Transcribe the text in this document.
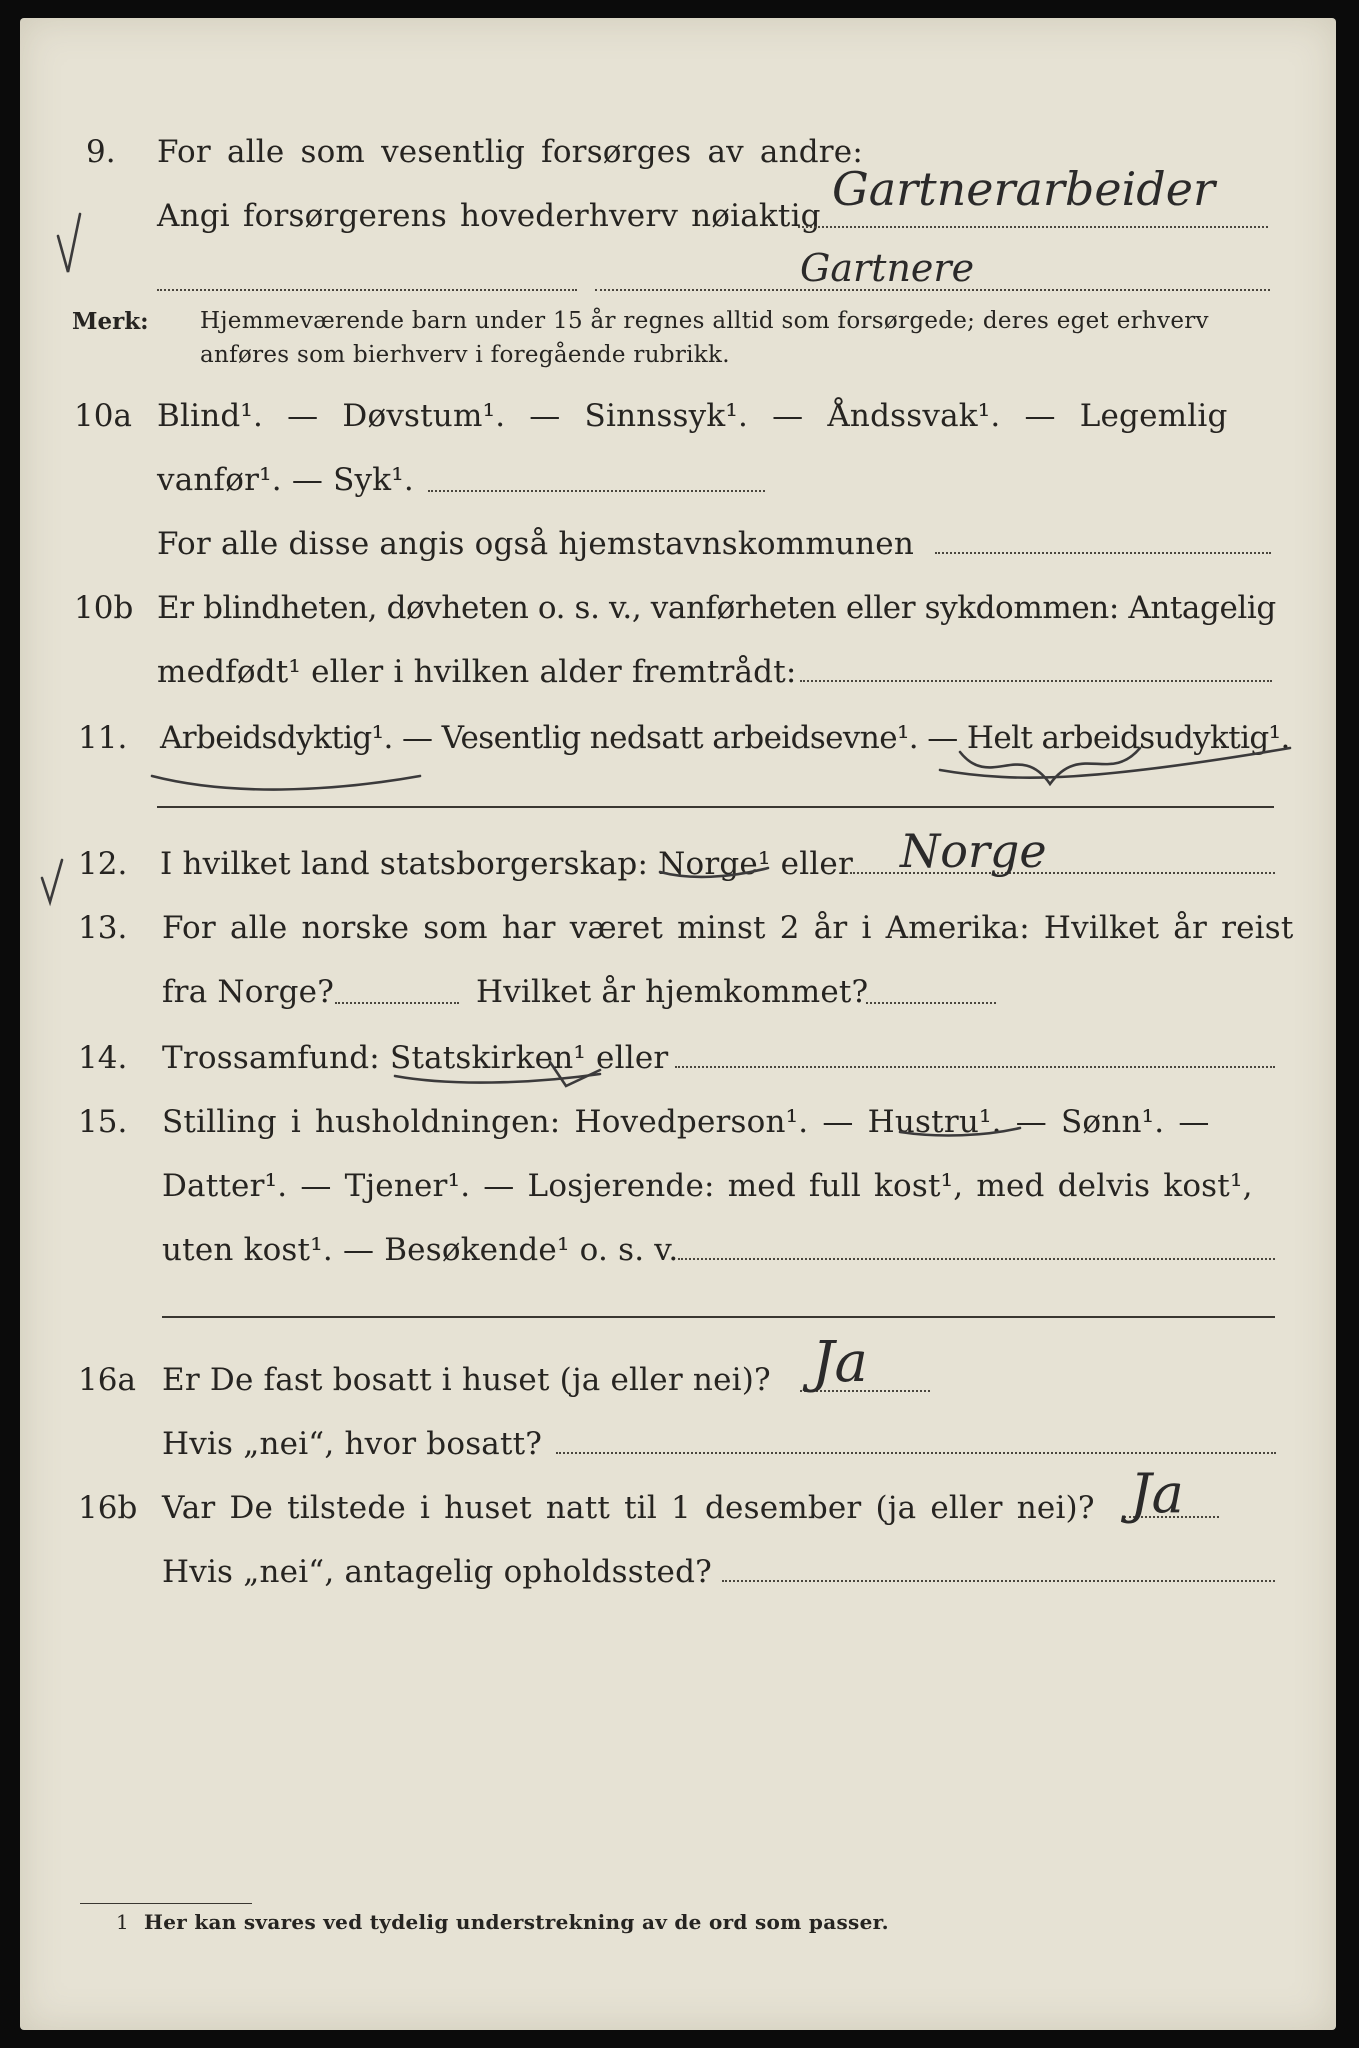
9. For alle som vesentlig forsørges av andre:
Angi forsørgerens hovederhverv nøiaktig Gartnerarbeider
Gartnere
Merk: Hjemmeværende barn under 15 år regnes alltid som forsørgede; deres eget erhverv
anføres som bierhverv i foregående rubrikk.
10a Blind¹. — Døvstum¹. — Sinnssyk¹. — Åndssvak¹. — Legemlig
vanfør¹. — Syk¹.
For alle disse angis også hjemstavnskommunen
10b Er blindheten, døvheten o. s. v., vanførheten eller sykdommen: Antagelig
medfødt¹ eller i hvilken alder fremtrådt:
11. Arbeidsdyktig¹. — Vesentlig nedsatt arbeidsevne¹. — Helt arbeidsudyktig¹.
12. I hvilket land statsborgerskap: Norge¹ eller Norge
13. For alle norske som har været minst 2 år i Amerika: Hvilket år reist
fra Norge?	Hvilket år hjemkommet?
14. Trossamfund: Statskirken¹ eller
15. Stilling i husholdningen: Hovedperson¹. — Hustru¹. — Sønn¹. —
Datter¹. — Tjener¹. — Losjerende: med full kost¹, med delvis kost¹,
uten kost¹. — Besøkende¹ o. s. v.
16a Er De fast bosatt i huset (ja eller nei)? Ja
Hvis „nei“, hvor bosatt?
16b Var De tilstede i huset natt til 1 desember (ja eller nei)? Ja
Hvis „nei“, antagelig opholdssted?
1 Her kan svares ved tydelig understrekning av de ord som passer.
